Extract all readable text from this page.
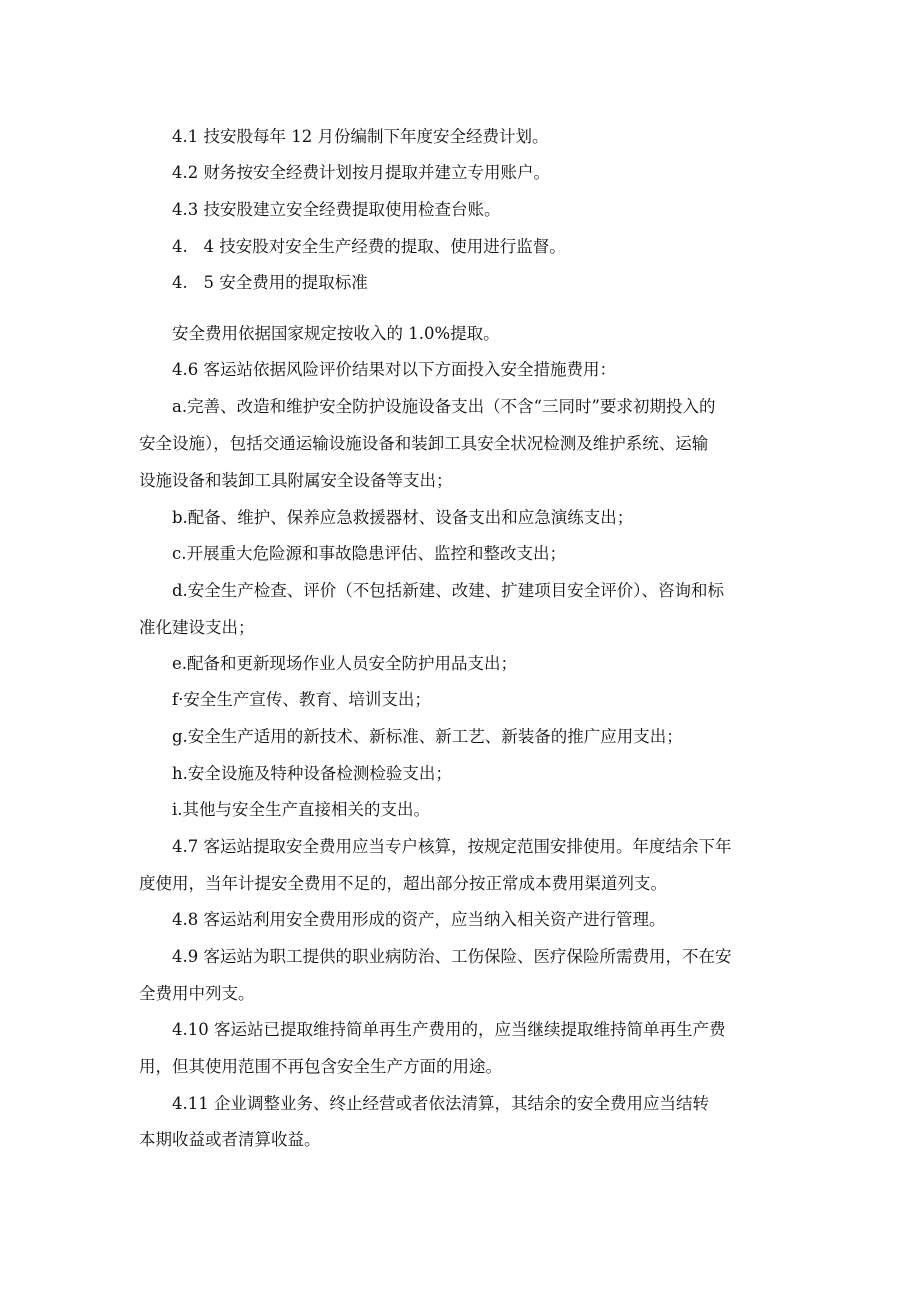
4.1 技安股每年 12 月份编制下年度安全经费计划。

4.2 财务按安全经费计划按月提取并建立专用账户。

4.3 技安股建立安全经费提取使用检查台账。

4.   4 技安股对安全生产经费的提取、使用进行监督。

4.   5 安全费用的提取标准

安全费用依据国家规定按收入的 1.0%提取。

4.6 客运站依据风险评价结果对以下方面投入安全措施费用：

a.完善、改造和维护安全防护设施设备支出（不含“三同时”要求初期投入的

安全设施），包括交通运输设施设备和装卸工具安全状况检测及维护系统、运输

设施设备和装卸工具附属安全设备等支出；

b.配备、维护、保养应急救援器材、设备支出和应急演练支出；

c.开展重大危险源和事故隐患评估、监控和整改支出；

d.安全生产检查、评价（不包括新建、改建、扩建项目安全评价）、咨询和标

准化建设支出；

e.配备和更新现场作业人员安全防护用品支出；

f·安全生产宣传、教育、培训支出；

g.安全生产适用的新技术、新标准、新工艺、新装备的推广应用支出；

h.安全设施及特种设备检测检验支出；

i.其他与安全生产直接相关的支出。

4.7 客运站提取安全费用应当专户核算，按规定范围安排使用。年度结余下年

度使用，当年计提安全费用不足的，超出部分按正常成本费用渠道列支。

4.8 客运站利用安全费用形成的资产，应当纳入相关资产进行管理。

4.9 客运站为职工提供的职业病防治、工伤保险、医疗保险所需费用，不在安

全费用中列支。

4.10 客运站已提取维持简单再生产费用的，应当继续提取维持简单再生产费

用，但其使用范围不再包含安全生产方面的用途。

4.11 企业调整业务、终止经营或者依法清算，其结余的安全费用应当结转

本期收益或者清算收益。
